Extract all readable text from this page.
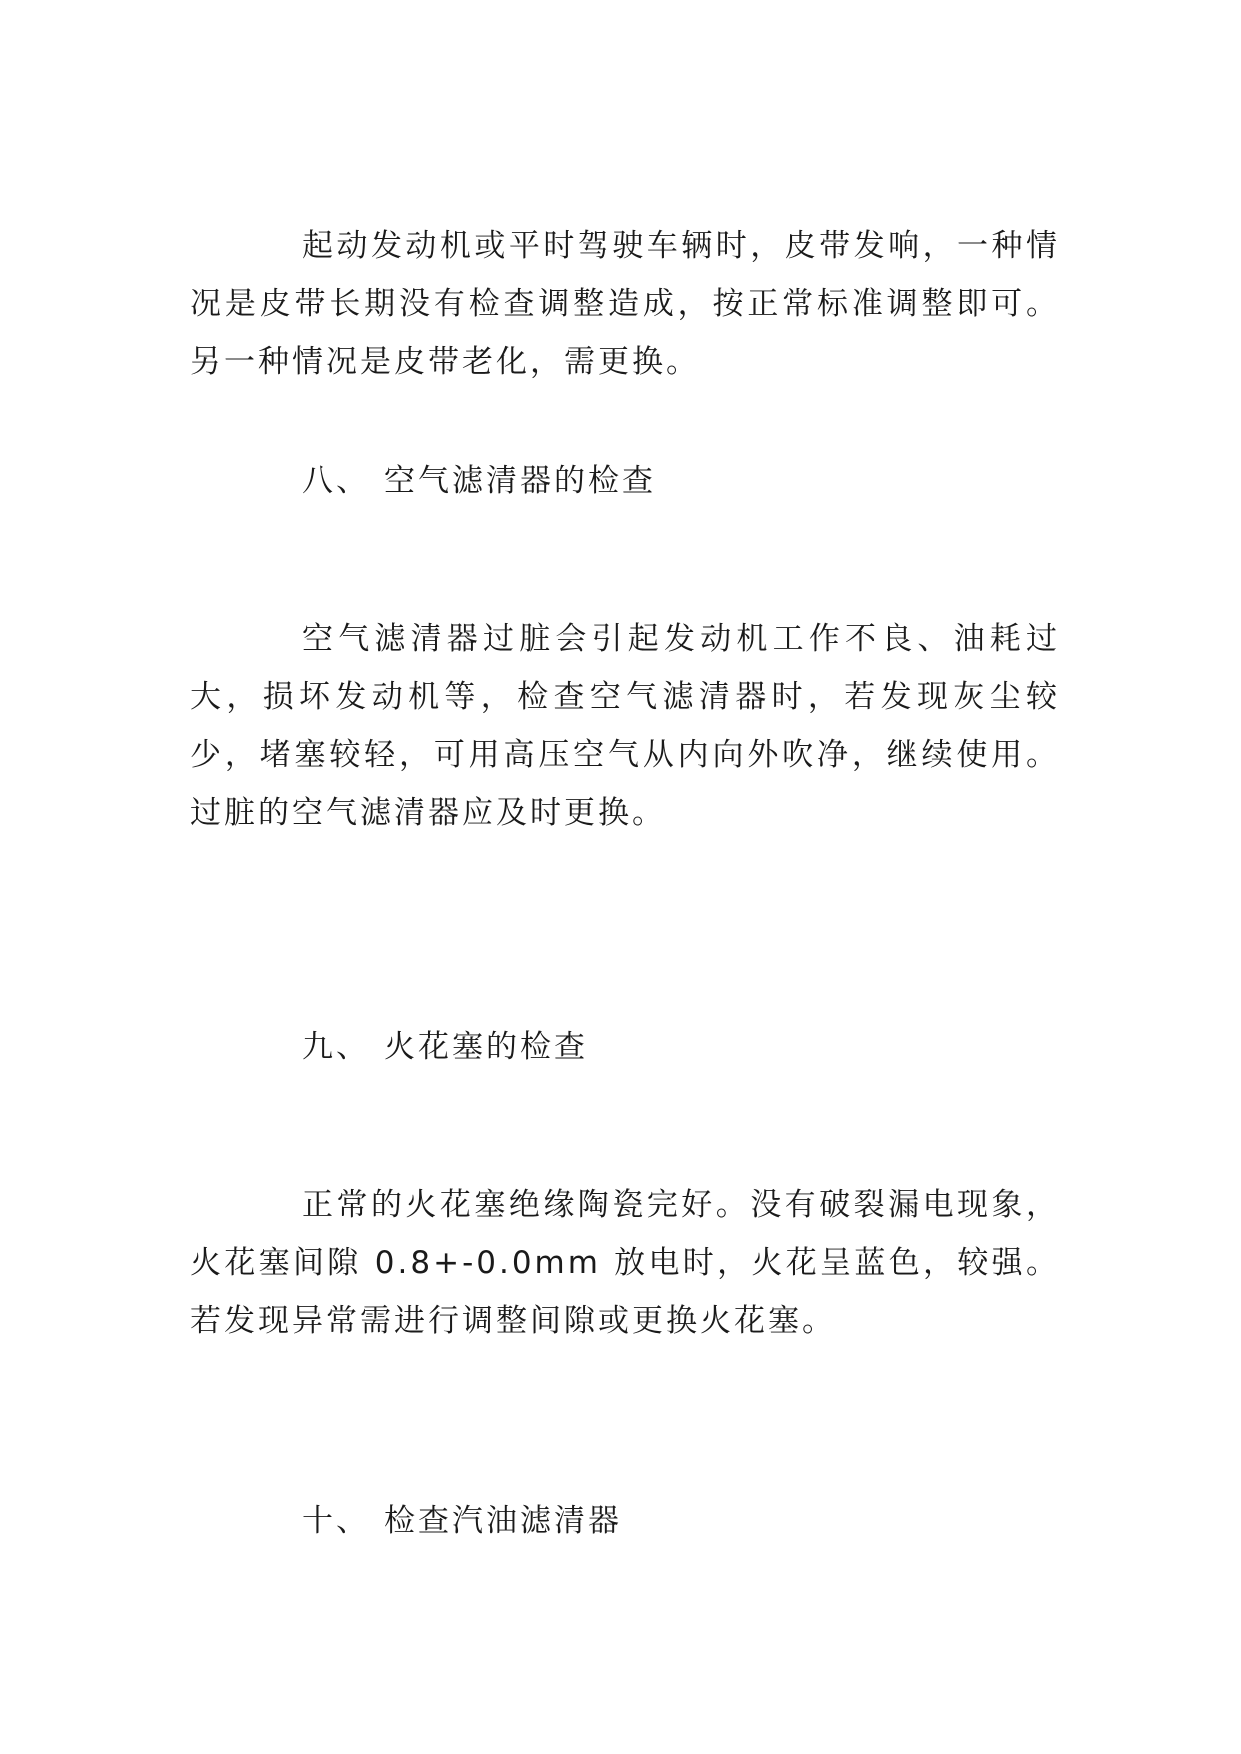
起动发动机或平时驾驶车辆时，皮带发响，一种情况是皮带长期没有检查调整造成，按正常标准调整即可。另一种情况是皮带老化，需更换。

八、 空气滤清器的检查

空气滤清器过脏会引起发动机工作不良、油耗过大，损坏发动机等，检查空气滤清器时，若发现灰尘较少，堵塞较轻，可用高压空气从内向外吹净，继续使用。过脏的空气滤清器应及时更换。

九、 火花塞的检查

正常的火花塞绝缘陶瓷完好。没有破裂漏电现象，火花塞间隙 0.8+-0.0mm 放电时，火花呈蓝色，较强。若发现异常需进行调整间隙或更换火花塞。

十、 检查汽油滤清器
